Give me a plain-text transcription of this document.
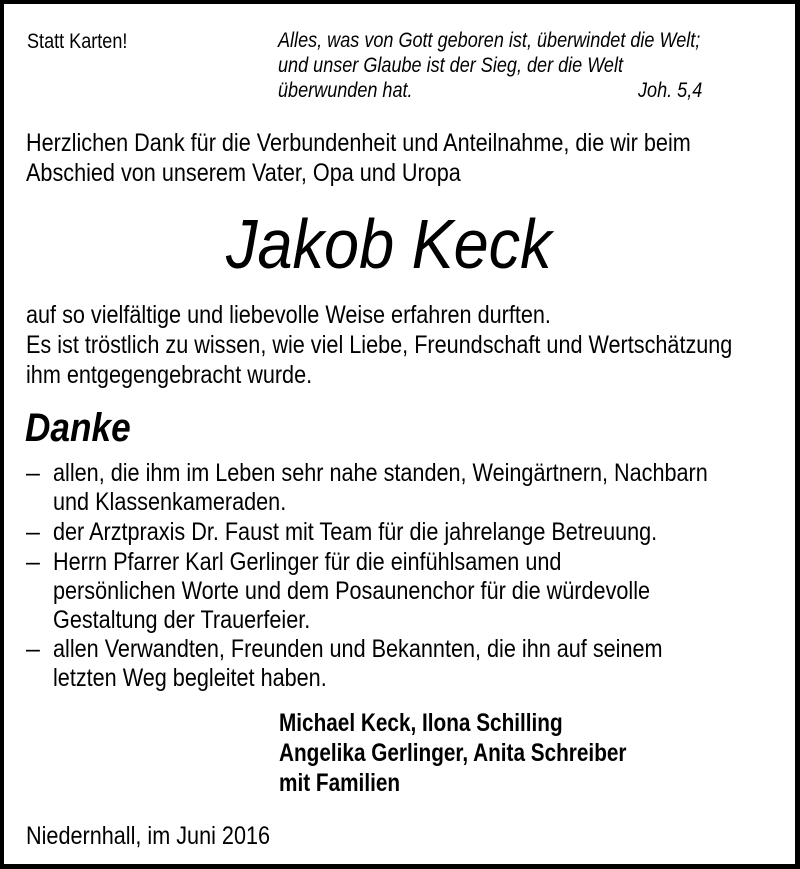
Statt Karten!	Alles, was von Gott geboren ist, überwindet die Welt;
und unser Glaube ist der Sieg, der die Welt
überwunden hat.	Joh. 5,4
Herzlichen Dank für die Verbundenheit und Anteilnahme, die wir beim
Abschied von unserem Vater, Opa und Uropa
Jakob Keck
auf so vielfältige und liebevolle Weise erfahren durften.
Es ist tröstlich zu wissen, wie viel Liebe, Freundschaft und Wertschätzung
ihm entgegengebracht wurde.
Danke
– allen, die ihm im Leben sehr nahe standen, Weingärtnern, Nachbarn
und Klassenkameraden.
– der Arztpraxis Dr. Faust mit Team für die jahrelange Betreuung.
– Herrn Pfarrer Karl Gerlinger für die einfühlsamen und
persönlichen Worte und dem Posaunenchor für die würdevolle
Gestaltung der Trauerfeier.
– allen Verwandten, Freunden und Bekannten, die ihn auf seinem
letzten Weg begleitet haben.
Michael Keck, Ilona Schilling
Angelika Gerlinger, Anita Schreiber
mit Familien
Niedernhall, im Juni 2016
